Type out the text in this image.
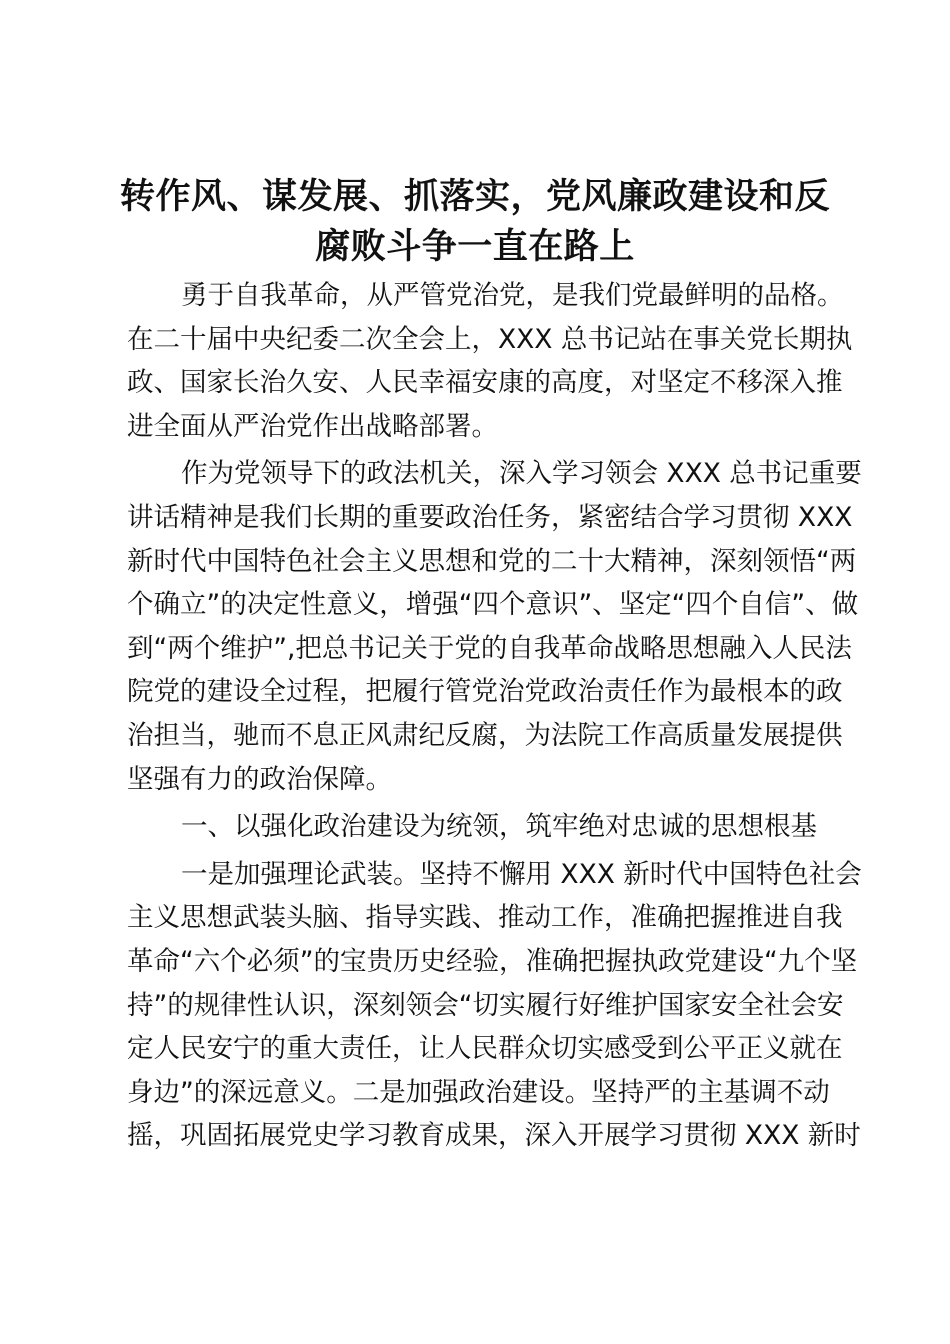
转作风、谋发展、抓落实，党风廉政建设和反
腐败斗争一直在路上
勇于自我革命，从严管党治党，是我们党最鲜明的品格。
在二十届中央纪委二次全会上，XXX 总书记站在事关党长期执
政、国家长治久安、人民幸福安康的高度，对坚定不移深入推
进全面从严治党作出战略部署。
作为党领导下的政法机关，深入学习领会 XXX 总书记重要
讲话精神是我们长期的重要政治任务，紧密结合学习贯彻 XXX
新时代中国特色社会主义思想和党的二十大精神，深刻领悟“两
个确立”的决定性意义，增强“四个意识”、坚定“四个自信”、做
到“两个维护”,把总书记关于党的自我革命战略思想融入人民法
院党的建设全过程，把履行管党治党政治责任作为最根本的政
治担当，驰而不息正风肃纪反腐，为法院工作高质量发展提供
坚强有力的政治保障。
一、以强化政治建设为统领，筑牢绝对忠诚的思想根基
一是加强理论武装。坚持不懈用 XXX 新时代中国特色社会
主义思想武装头脑、指导实践、推动工作，准确把握推进自我
革命“六个必须”的宝贵历史经验，准确把握执政党建设“九个坚
持”的规律性认识，深刻领会“切实履行好维护国家安全社会安
定人民安宁的重大责任，让人民群众切实感受到公平正义就在
身边”的深远意义。二是加强政治建设。坚持严的主基调不动
摇，巩固拓展党史学习教育成果，深入开展学习贯彻 XXX 新时
